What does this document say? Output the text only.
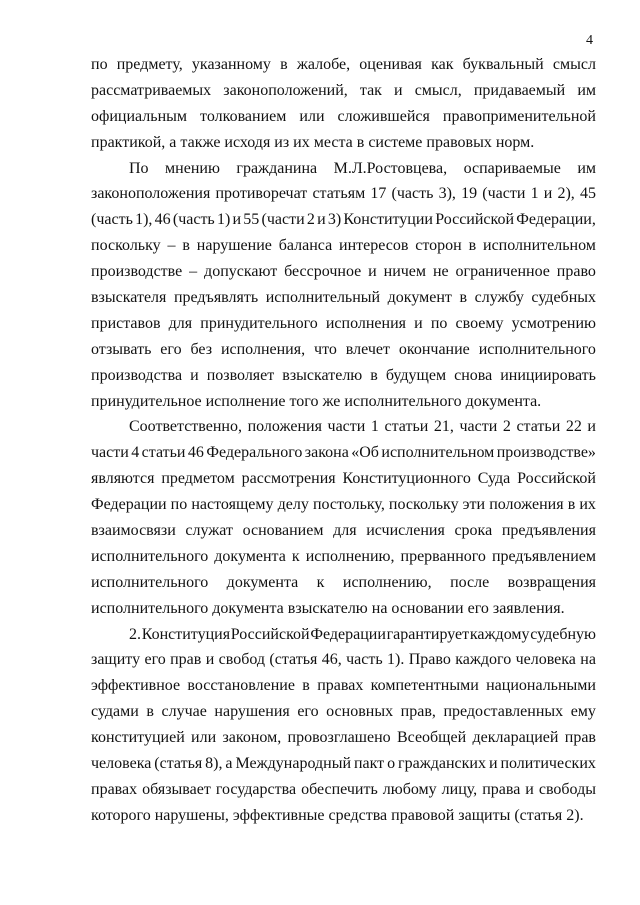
4
по предмету, указанному в жалобе, оценивая как буквальный смысл
рассматриваемых законоположений, так и смысл, придаваемый им
официальным толкованием или сложившейся правоприменительной
практикой, а также исходя из их места в системе правовых норм.
По мнению гражданина М.Л.Ростовцева, оспариваемые им
законоположения противоречат статьям 17 (часть 3), 19 (части 1 и 2), 45
(часть 1), 46 (часть 1) и 55 (части 2 и 3) Конституции Российской Федерации,
поскольку – в нарушение баланса интересов сторон в исполнительном
производстве – допускают бессрочное и ничем не ограниченное право
взыскателя предъявлять исполнительный документ в службу судебных
приставов для принудительного исполнения и по своему усмотрению
отзывать его без исполнения, что влечет окончание исполнительного
производства и позволяет взыскателю в будущем снова инициировать
принудительное исполнение того же исполнительного документа.
Соответственно, положения части 1 статьи 21, части 2 статьи 22 и
части 4 статьи 46 Федерального закона «Об исполнительном производстве»
являются предметом рассмотрения Конституционного Суда Российской
Федерации по настоящему делу постольку, поскольку эти положения в их
взаимосвязи служат основанием для исчисления срока предъявления
исполнительного документа к исполнению, прерванного предъявлением
исполнительного документа к исполнению, после возвращения
исполнительного документа взыскателю на основании его заявления.
2. Конституция Российской Федерации гарантирует каждому судебную
защиту его прав и свобод (статья 46, часть 1). Право каждого человека на
эффективное восстановление в правах компетентными национальными
судами в случае нарушения его основных прав, предоставленных ему
конституцией или законом, провозглашено Всеобщей декларацией прав
человека (статья 8), а Международный пакт о гражданских и политических
правах обязывает государства обеспечить любому лицу, права и свободы
которого нарушены, эффективные средства правовой защиты (статья 2).
